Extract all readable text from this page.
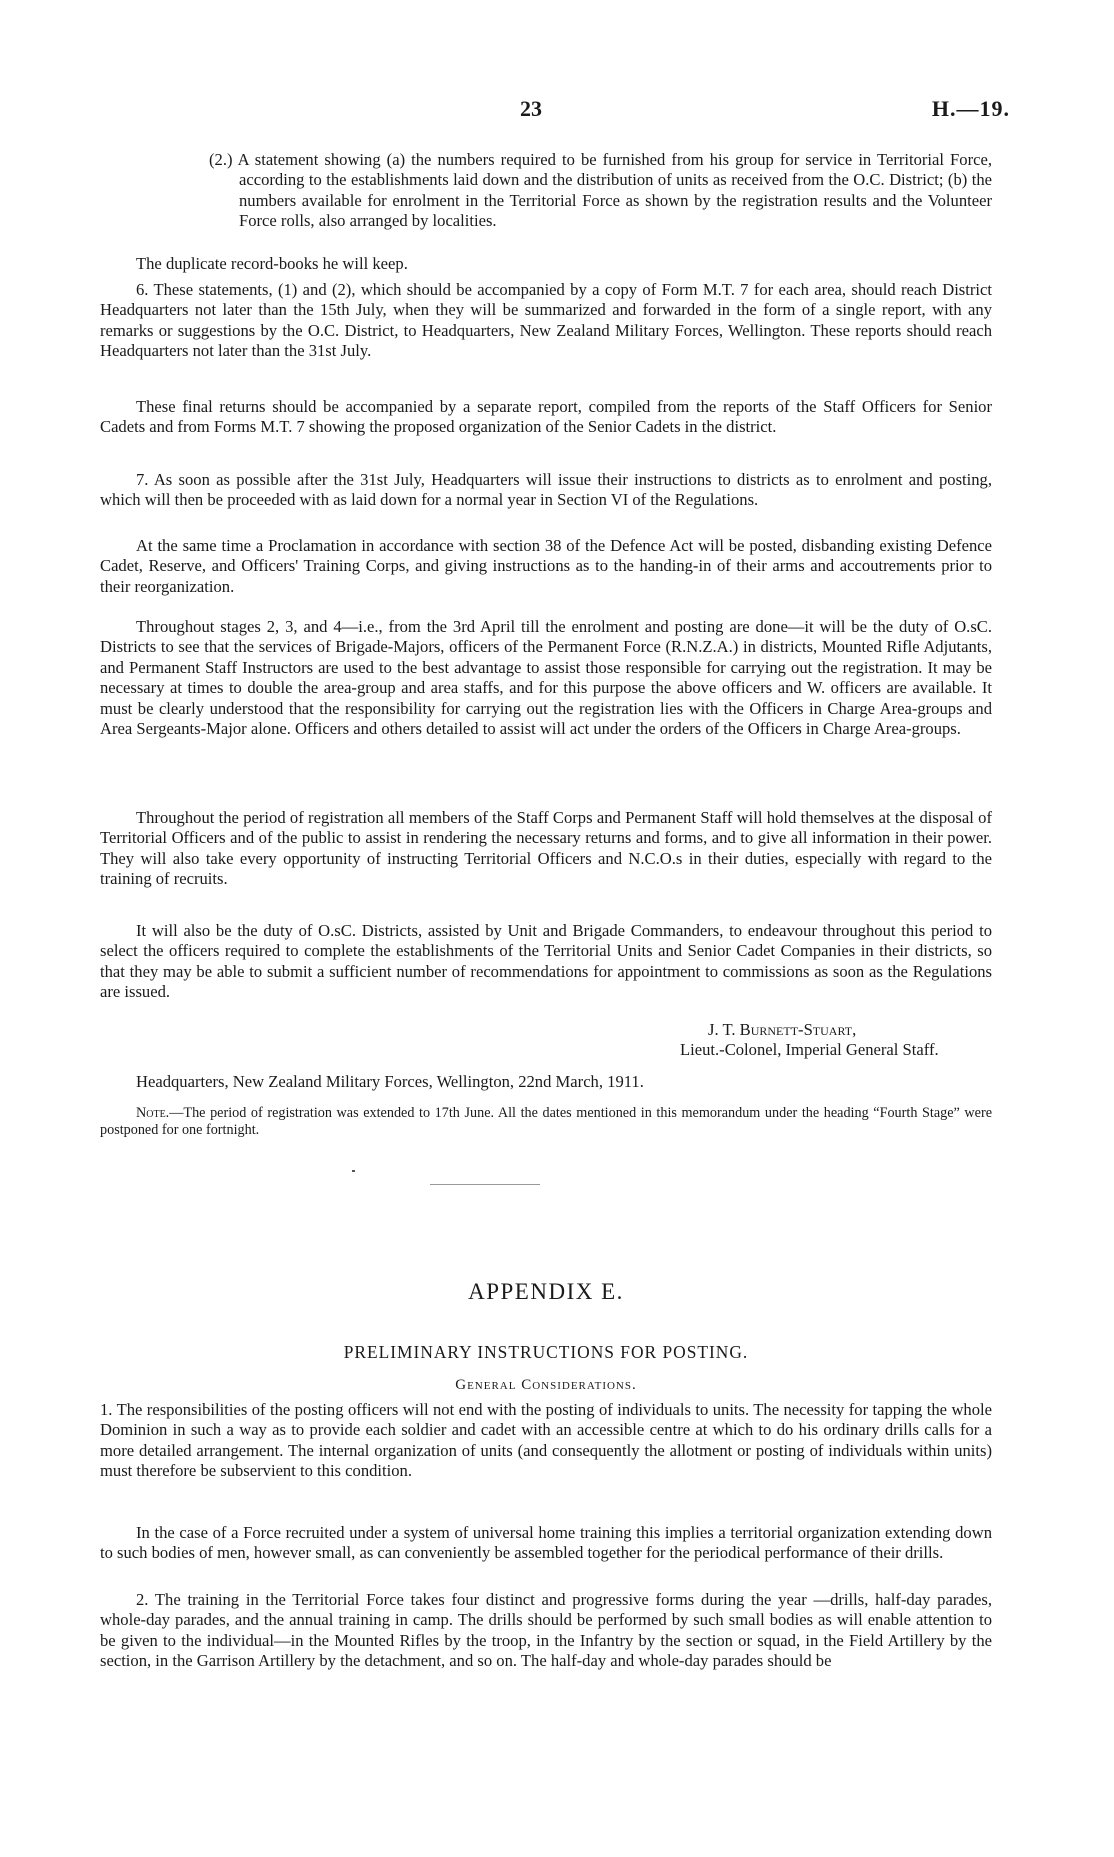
23	H.—19.

(2.) A statement showing (a) the numbers required to be furnished from his group for service in Territorial Force, according to the establishments laid down and the distribution of units as received from the O.C. District; (b) the numbers available for enrolment in the Territorial Force as shown by the registration results and the Volunteer Force rolls, also arranged by localities.

The duplicate record-books he will keep.

6. These statements, (1) and (2), which should be accompanied by a copy of Form M.T. 7 for each area, should reach District Headquarters not later than the 15th July, when they will be summarized and forwarded in the form of a single report, with any remarks or suggestions by the O.C. District, to Headquarters, New Zealand Military Forces, Wellington. These reports should reach Headquarters not later than the 31st July.

These final returns should be accompanied by a separate report, compiled from the reports of the Staff Officers for Senior Cadets and from Forms M.T. 7 showing the proposed organization of the Senior Cadets in the district.

7. As soon as possible after the 31st July, Headquarters will issue their instructions to districts as to enrolment and posting, which will then be proceeded with as laid down for a normal year in Section VI of the Regulations.

At the same time a Proclamation in accordance with section 38 of the Defence Act will be posted, disbanding existing Defence Cadet, Reserve, and Officers' Training Corps, and giving instructions as to the handing-in of their arms and accoutrements prior to their reorganization.

Throughout stages 2, 3, and 4—i.e., from the 3rd April till the enrolment and posting are done—it will be the duty of O.sC. Districts to see that the services of Brigade-Majors, officers of the Permanent Force (R.N.Z.A.) in districts, Mounted Rifle Adjutants, and Permanent Staff Instructors are used to the best advantage to assist those responsible for carrying out the registration. It may be necessary at times to double the area-group and area staffs, and for this purpose the above officers and W. officers are available. It must be clearly understood that the responsibility for carrying out the registration lies with the Officers in Charge Area-groups and Area Sergeants-Major alone. Officers and others detailed to assist will act under the orders of the Officers in Charge Area-groups.

Throughout the period of registration all members of the Staff Corps and Permanent Staff will hold themselves at the disposal of Territorial Officers and of the public to assist in rendering the necessary returns and forms, and to give all information in their power. They will also take every opportunity of instructing Territorial Officers and N.C.O.s in their duties, especially with regard to the training of recruits.

It will also be the duty of O.sC. Districts, assisted by Unit and Brigade Commanders, to endeavour throughout this period to select the officers required to complete the establishments of the Territorial Units and Senior Cadet Companies in their districts, so that they may be able to submit a sufficient number of recommendations for appointment to commissions as soon as the Regulations are issued.

J. T. Burnett-Stuart,
Lieut.-Colonel, Imperial General Staff.

Headquarters, New Zealand Military Forces, Wellington, 22nd March, 1911.

Note.—The period of registration was extended to 17th June. All the dates mentioned in this memorandum under the heading “Fourth Stage” were postponed for one fortnight.

APPENDIX E.
PRELIMINARY INSTRUCTIONS FOR POSTING.
General Considerations.

1. The responsibilities of the posting officers will not end with the posting of individuals to units. The necessity for tapping the whole Dominion in such a way as to provide each soldier and cadet with an accessible centre at which to do his ordinary drills calls for a more detailed arrangement. The internal organization of units (and consequently the allotment or posting of individuals within units) must therefore be subservient to this condition.

In the case of a Force recruited under a system of universal home training this implies a territorial organization extending down to such bodies of men, however small, as can conveniently be assembled together for the periodical performance of their drills.

2. The training in the Territorial Force takes four distinct and progressive forms during the year —drills, half-day parades, whole-day parades, and the annual training in camp. The drills should be performed by such small bodies as will enable attention to be given to the individual—in the Mounted Rifles by the troop, in the Infantry by the section or squad, in the Field Artillery by the section, in the Garrison Artillery by the detachment, and so on. The half-day and whole-day parades should be
